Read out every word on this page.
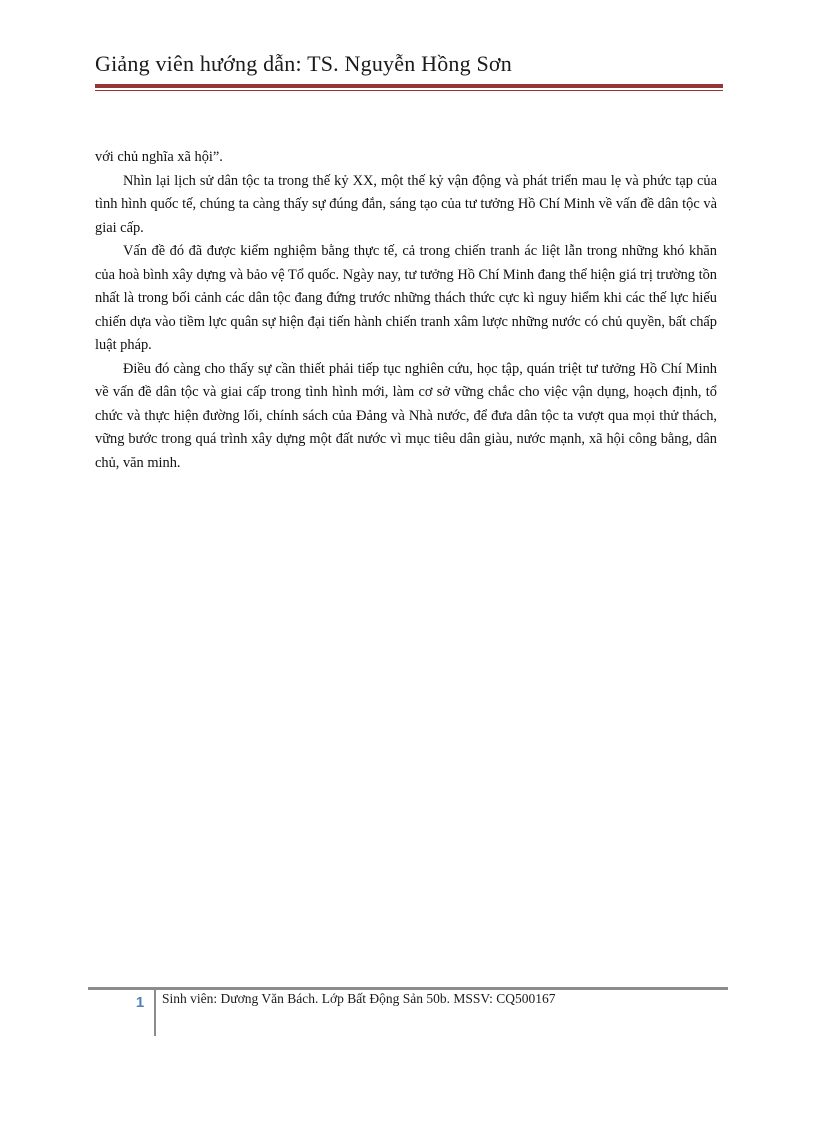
Giảng viên hướng dẫn: TS. Nguyễn Hồng Sơn

với chủ nghĩa xã hội”.

Nhìn lại lịch sử dân tộc ta trong thế kỷ XX, một thế kỷ vận động và phát triển mau lẹ và phức tạp của tình hình quốc tế, chúng ta càng thấy sự đúng đắn, sáng tạo của tư tưởng Hồ Chí Minh về vấn đề dân tộc và giai cấp.

Vấn đề đó đã được kiểm nghiệm bằng thực tế, cả trong chiến tranh ác liệt lẫn trong những khó khăn của hoà bình xây dựng và bảo vệ Tổ quốc. Ngày nay, tư tưởng Hồ Chí Minh đang thể hiện giá trị trường tồn nhất là trong bối cảnh các dân tộc đang đứng trước những thách thức cực kì nguy hiểm khi các thế lực hiếu chiến dựa vào tiềm lực quân sự hiện đại tiến hành chiến tranh xâm lược những nước có chủ quyền, bất chấp luật pháp.

Điều đó càng cho thấy sự cần thiết phải tiếp tục nghiên cứu, học tập, quán triệt tư tưởng Hồ Chí Minh về vấn đề dân tộc và giai cấp trong tình hình mới, làm cơ sở vững chắc cho việc vận dụng, hoạch định, tổ chức và thực hiện đường lối, chính sách của Đảng và Nhà nước, để đưa dân tộc ta vượt qua mọi thử thách, vững bước trong quá trình xây dựng một đất nước vì mục tiêu dân giàu, nước mạnh, xã hội công bằng, dân chủ, văn minh.

1 Sinh viên: Dương Văn Bách. Lớp Bất Động Sản 50b. MSSV: CQ500167
